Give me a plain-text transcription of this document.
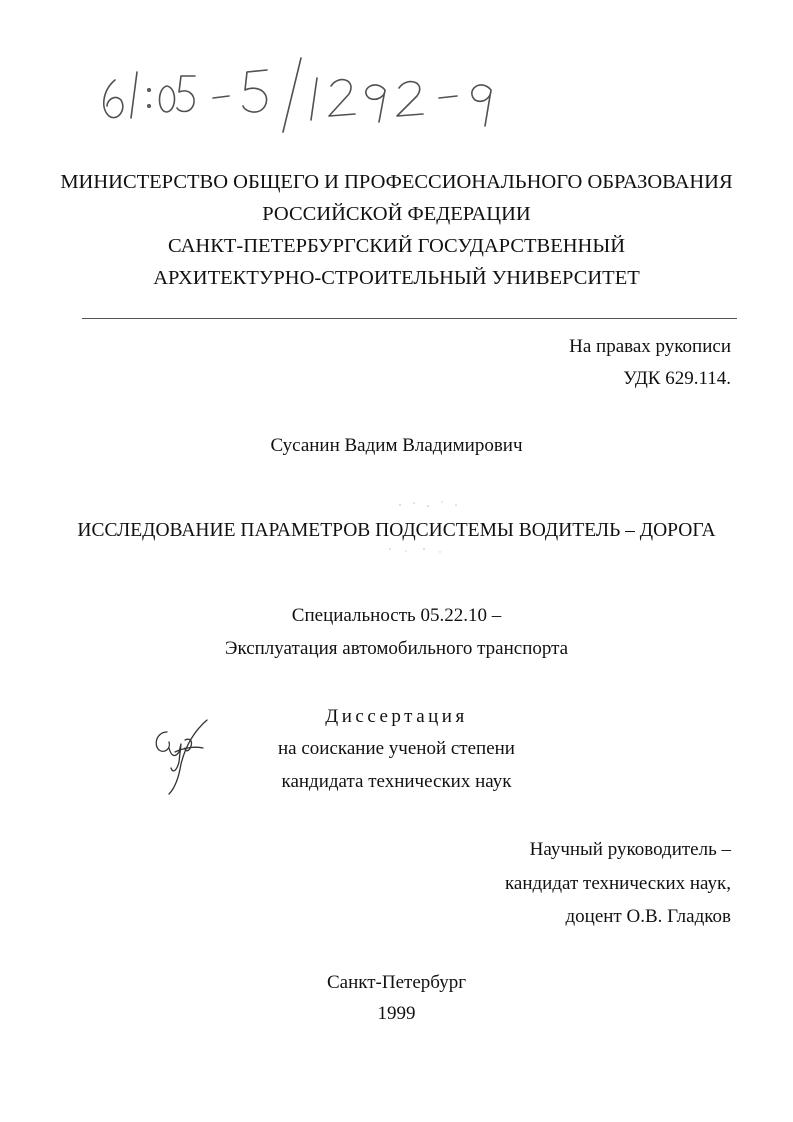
61:05-5/1292-9
МИНИСТЕРСТВО ОБЩЕГО И ПРОФЕССИОНАЛЬНОГО ОБРАЗОВАНИЯ
РОССИЙСКОЙ ФЕДЕРАЦИИ
САНКТ-ПЕТЕРБУРГСКИЙ ГОСУДАРСТВЕННЫЙ
АРХИТЕКТУРНО-СТРОИТЕЛЬНЫЙ УНИВЕРСИТЕТ
На правах рукописи
УДК 629.114.
Сусанин Вадим Владимирович
ИССЛЕДОВАНИЕ ПАРАМЕТРОВ ПОДСИСТЕМЫ ВОДИТЕЛЬ – ДОРОГА
Специальность 05.22.10 –
Эксплуатация автомобильного транспорта
Диссертация
на соискание ученой степени
кандидата технических наук
Научный руководитель –
кандидат технических наук,
доцент О.В. Гладков
Санкт-Петербург
1999
